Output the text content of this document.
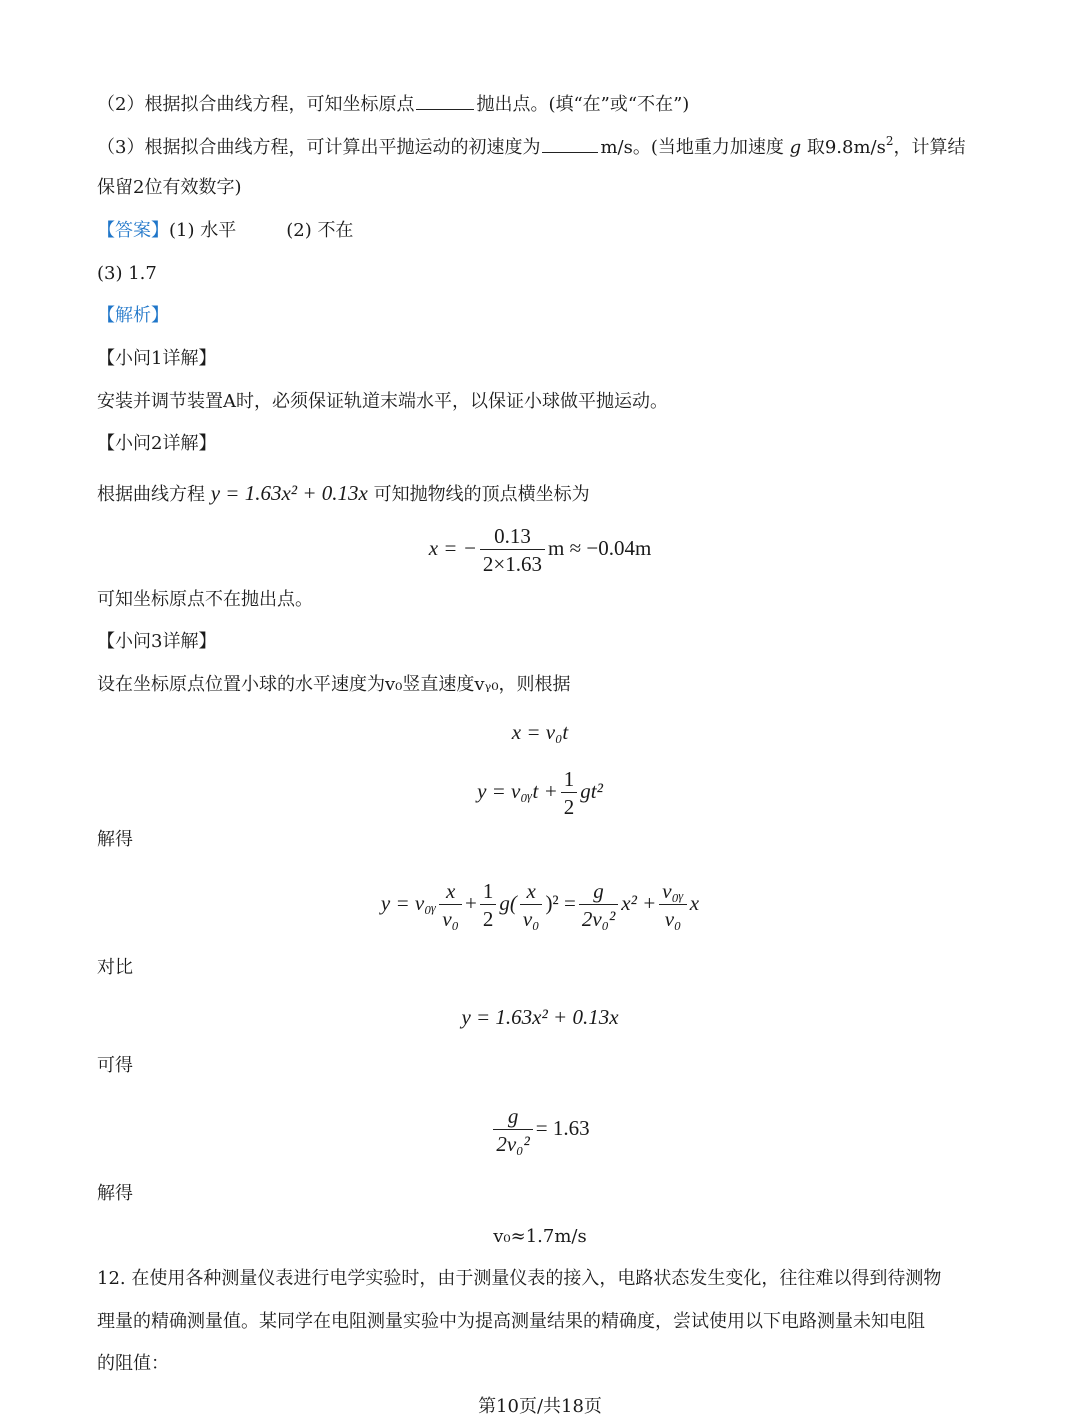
（2）根据拟合曲线方程，可知坐标原点	抛出点。(填“在”或“不在”)
（3）根据拟合曲线方程，可计算出平抛运动的初速度为	m/s。(当地重力加速度 g 取$9.8m/s^2$，计算结
保留2位有效数字)
【答案】(1) 水平	(2) 不在
(3) 1.7
【解析】
【小问1详解】
安装并调节装置A时，必须保证轨道末端水平，以保证小球做平抛运动。
【小问2详解】
根据曲线方程 y = 1.63x² + 0.13x 可知抛物线的顶点横坐标为
x = − $\frac{0.13}{2\times 1.63}$ m ≈ −0.04m
可知坐标原点不在抛出点。
【小问3详解】
设在坐标原点位置小球的水平速度为v₀竖直速度vᵧ₀，则根据
x = v₀t
y = v₀ᵧt + $\frac{1}{2} gt^2$
解得
y = v₀ᵧ $\frac{x}{\text{v₀}} + \frac{1}{2} g( \frac{x}{\text{v₀}} )^2 = \frac{g}{\text{2v₀²}} x^2 + \frac{\text{v₀ᵧ}}{\text{v₀}}$ x
对比
y = 1.63x² + 0.13x
可得
$\frac{g}{\text{2v₀²}} = 1.63$
解得
v₀≈1.7m/s
12. 在使用各种测量仪表进行电学实验时，由于测量仪表的接入，电路状态发生变化，往往难以得到待测物
理量的精确测量值。某同学在电阻测量实验中为提高测量结果的精确度，尝试使用以下电路测量未知电阻
的阻值：
第10页/共18页
